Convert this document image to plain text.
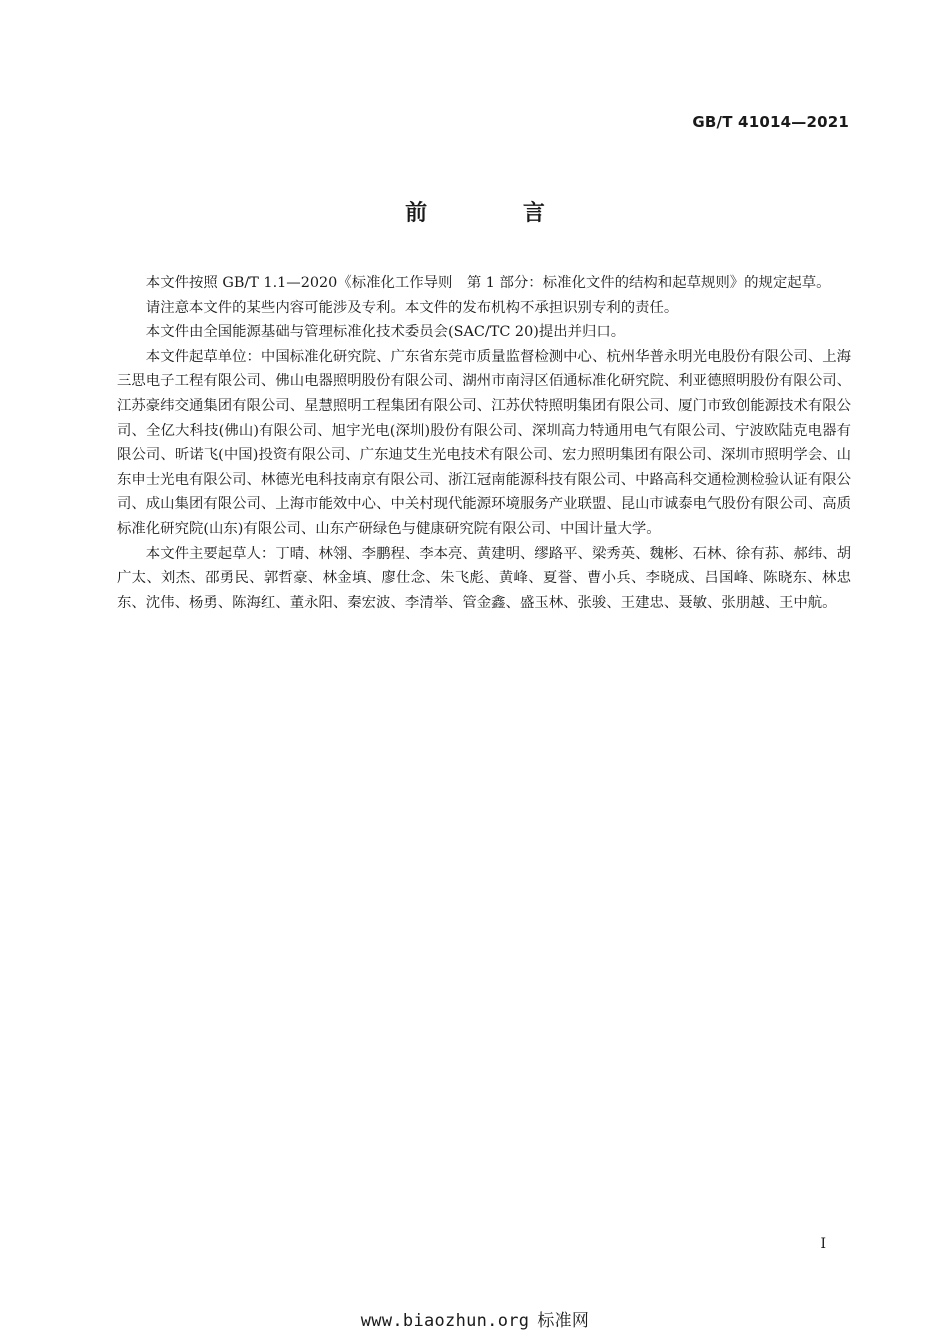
GB/T 41014—2021
前 言

本文件按照 GB/T 1.1—2020《标准化工作导则　第 1 部分：标准化文件的结构和起草规则》的规定起草。

请注意本文件的某些内容可能涉及专利。本文件的发布机构不承担识别专利的责任。

本文件由全国能源基础与管理标准化技术委员会(SAC/TC 20)提出并归口。

本文件起草单位：中国标准化研究院、广东省东莞市质量监督检测中心、杭州华普永明光电股份有限公司、上海三思电子工程有限公司、佛山电器照明股份有限公司、湖州市南浔区佰通标准化研究院、利亚德照明股份有限公司、江苏豪纬交通集团有限公司、星慧照明工程集团有限公司、江苏伏特照明集团有限公司、厦门市致创能源技术有限公司、全亿大科技(佛山)有限公司、旭宇光电(深圳)股份有限公司、深圳高力特通用电气有限公司、宁波欧陆克电器有限公司、昕诺飞(中国)投资有限公司、广东迪艾生光电技术有限公司、宏力照明集团有限公司、深圳市照明学会、山东申士光电有限公司、林德光电科技南京有限公司、浙江冠南能源科技有限公司、中路高科交通检测检验认证有限公司、成山集团有限公司、上海市能效中心、中关村现代能源环境服务产业联盟、昆山市诚泰电气股份有限公司、高质标准化研究院(山东)有限公司、山东产研绿色与健康研究院有限公司、中国计量大学。

本文件主要起草人：丁晴、林翎、李鹏程、李本亮、黄建明、缪路平、梁秀英、魏彬、石林、徐有荪、郝纬、胡广太、刘杰、邵勇民、郭哲豪、林金填、廖仕念、朱飞彪、黄峰、夏誉、曹小兵、李晓成、吕国峰、陈晓东、林忠东、沈伟、杨勇、陈海红、董永阳、秦宏波、李清举、管金鑫、盛玉林、张骏、王建忠、聂敏、张朋越、王中航。

I
www.biaozhun.org 标准网
